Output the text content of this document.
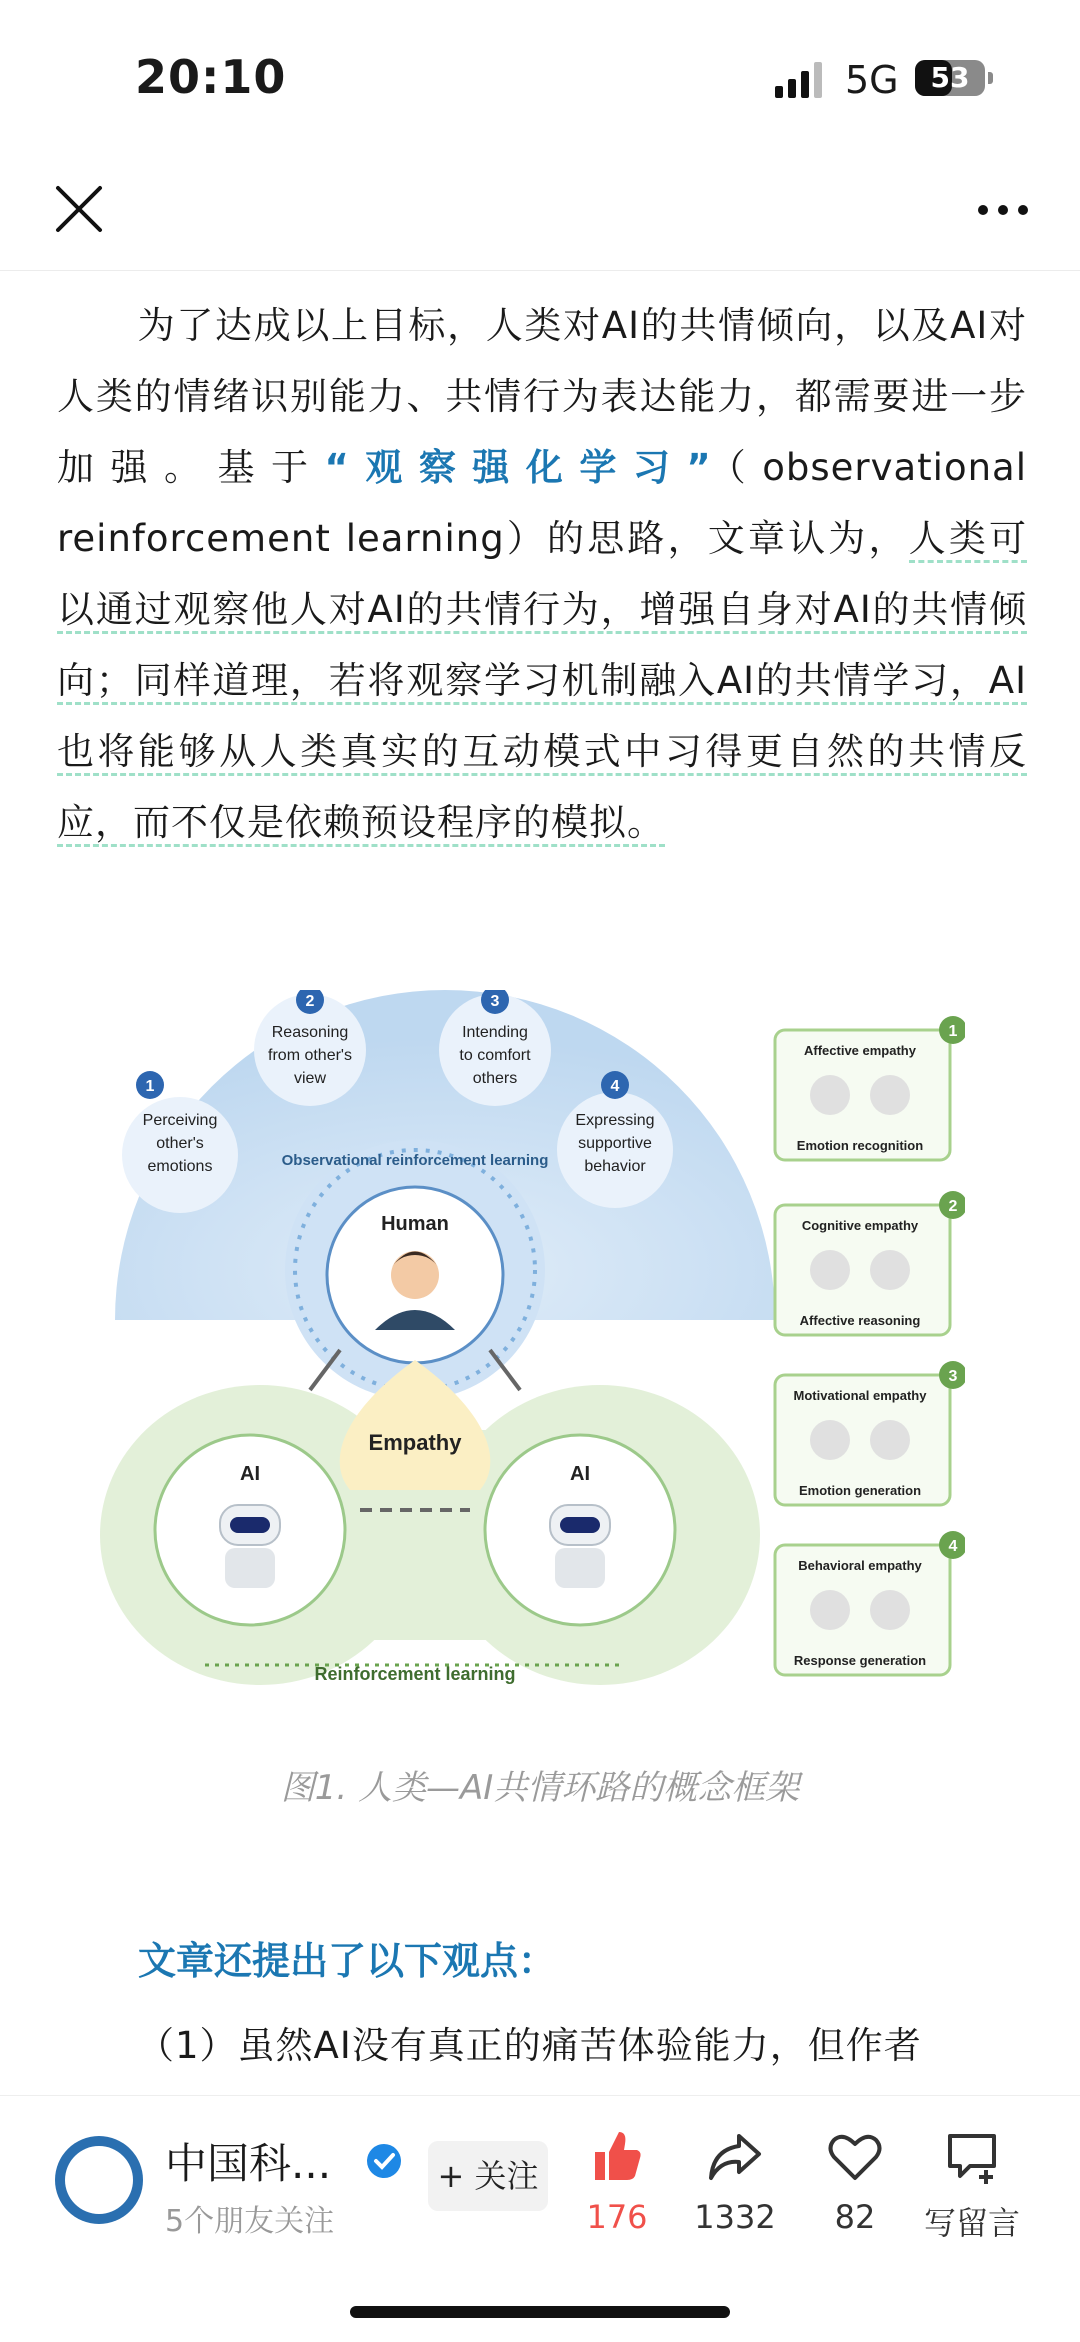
20:10	5G	53

为了达成以上目标，人类对AI的共情倾向，以及AI对人类的情绪识别能力、共情行为表达能力，都需要进一步加强。基于“观察强化学习”（observational reinforcement learning）的思路，文章认为，人类可以通过观察他人对AI的共情行为，增强自身对AI的共情倾向；同样道理，若将观察学习机制融入AI的共情学习，AI也将能够从人类真实的互动模式中习得更自然的共情反应，而不仅是依赖预设程序的模拟。

Observational reinforcement learning
Human
Empathy
AI	AI
Reinforcement learning
1
Perceiving
other's
emotions
2
Reasoning
from other's
view
3
Intending
to comfort
others	4
Expressing
supportive
behavior
Affective empathy
Emotion recognition
1
Cognitive empathy
Affective reasoning
2
Motivational empathy
Emotion generation
3
Behavioral empathy
Response generation
4
图1. 人类—AI共情环路的概念框架
文章还提出了以下观点：
（1）虽然AI没有真正的痛苦体验能力，但作者
中国科...
5个朋友关注
+ 关注
176	1332	82	写留言
